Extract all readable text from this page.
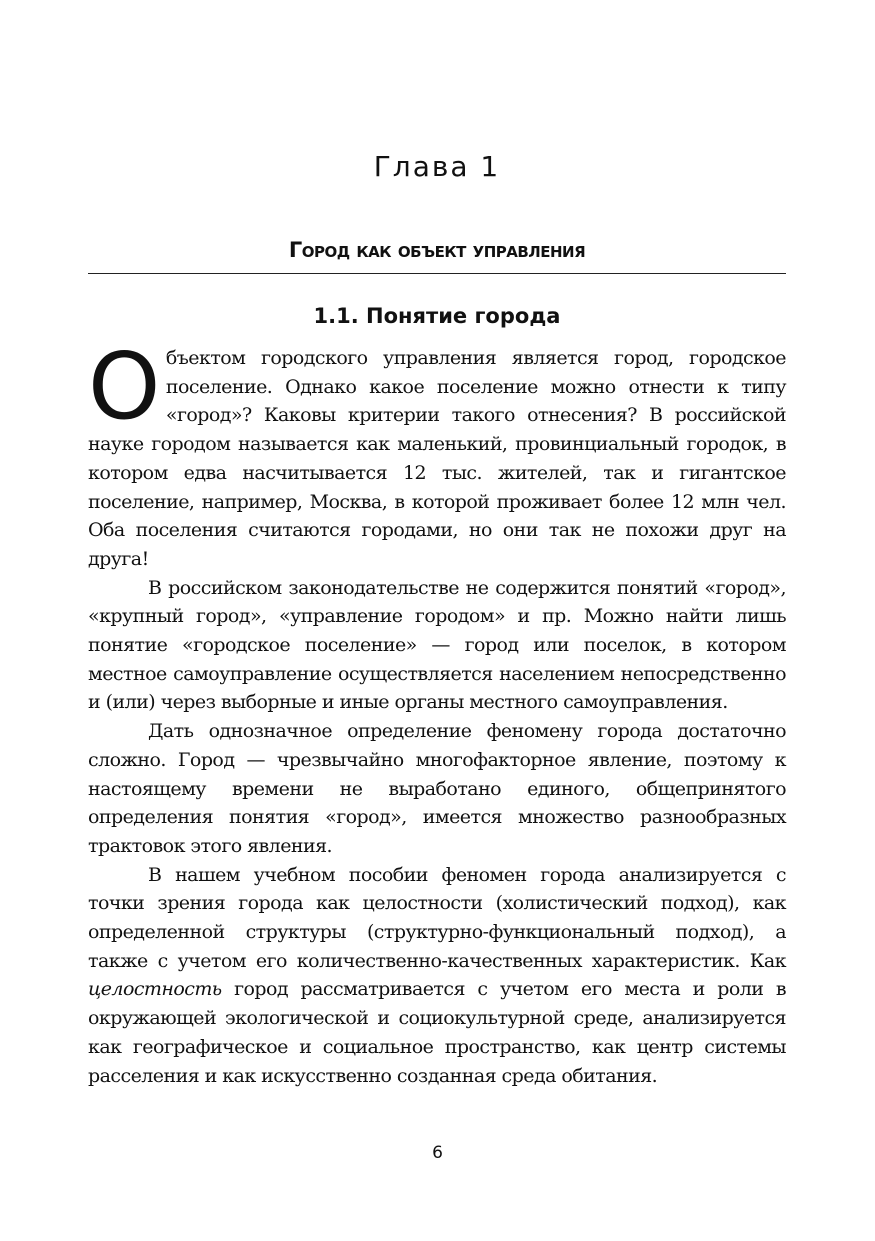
Глава 1
Город как объект управления
1.1. Понятие города

Объектом городского управления является город, городское поселение. Однако какое поселение можно отнести к типу «город»? Каковы критерии такого отнесения? В российской науке городом называется как маленький, провинциальный городок, в котором едва насчитывается 12 тыс. жителей, так и гигантское поселение, например, Москва, в которой проживает более 12 млн чел. Оба поселения считаются городами, но они так не похожи друг на друга!

В российском законодательстве не содержится понятий «город», «крупный город», «управление городом» и пр. Можно найти лишь понятие «городское поселение» — город или поселок, в котором местное самоуправление осуществляется населением непосредственно и (или) через выборные и иные органы местного самоуправления.

Дать однозначное определение феномену города достаточно сложно. Город — чрезвычайно многофакторное явление, поэтому к настоящему времени не выработано единого, общепринятого определения понятия «город», имеется множество разнообразных трактовок этого явления.

В нашем учебном пособии феномен города анализируется с точки зрения города как целостности (холистический подход), как определенной структуры (структурно-функциональный подход), а также с учетом его количественно-качественных характеристик. Как целостность город рассматривается с учетом его места и роли в окружающей экологической и социокультурной среде, анализируется как географическое и социальное пространство, как центр системы расселения и как искусственно созданная среда обитания.

6
